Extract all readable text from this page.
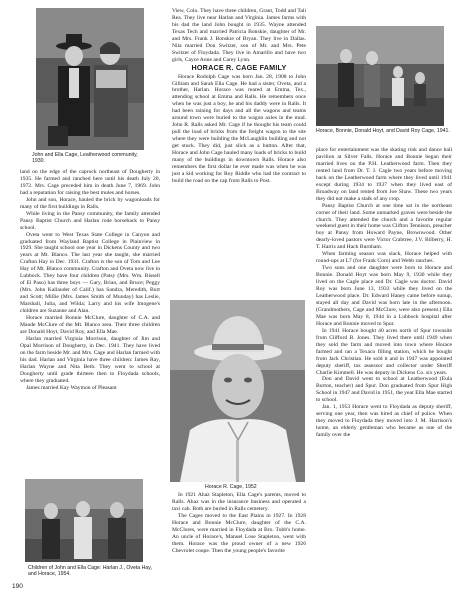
John and Ella Cage, Leatherwood community, 1930.

land on the edge of the caprock northeast of Dougherty in 1935. He farmed and ranched here until his death July 20, 1972. Mrs. Cage preceded him in death June 7, 1969. John had a reputation for raising the best mules and horses.

John and son, Horace, hauled the brick by wagonloads for many of the first buildings in Ralls.

While living in the Pansy community, the family attended Pansy Baptist Church and Harlan rode horseback to Pansy school.

Oveta went to West Texas State College in Canyon and graduated from Wayland Baptist College in Plainview in 1929. She taught school one year in Dickens County and two years at Mt. Blanco. The last year she taught, she married Crafton Hay in Dec. 1931. Crafton is the son of Tom and Lee Hay of Mt. Blanco community. Crafton and Oveta now live in Lubbock. They have four children (Patsy (Mrs. Wm. Bissell of El Paso) has three boys — Gary, Brian, and Bruce; Peggy (Mrs. John Kallauder of Calif.) has Sandra, Meredith, Burt and Scott; Millie (Mrs. James Smith of Munday) has Leslie, Marshall, Julia, and Wilda; Larry and his wife Imogene's children are Suzanne and Alan.

Horace married Bonnie McClure, daughter of C.A. and Maude McClure of the Mt. Blanco area. Their three children are Donald Hoyt, David Roy, and Ella Mae.

Harlan married Virginia Morrison, daughter of Jim and Opal Morrison of Dougherty, in Dec. 1941. They have lived on the farm beside Mr. and Mrs. Cage and Harlan farmed with his dad. Harlan and Virginia have three children: James Ray, Harlan Wayne and Nita Beth. They went to school at Dougherty until grade thirteen then to Floydada schools, where they graduated.

James married Kay Waymon of Pleasant

Children of John and Ella Cage: Harlan J., Oveta Hay, and Horace, 1954.
190

View, Colo. They have three children, Grant, Todd and Tali Rea. They live near Harlan and Virginia. James farms with his dad the land John bought in 1935. Wayne attended Texas Tech and married Patricia Bonskie, daughter of Mr. and Mrs. Frank J. Bonskie of Bryan. They live in Dallas. Nita married Don Switzer, son of Mr. and Mrs. Pete Switzer of Floydada. They live in Amarillo and have two girls, Cayce Anne and Carey Lynn.

HORACE R. CAGE FAMILY

Horace Rodolph Cage was born Jan. 28, 1908 to John Gilliam and Sarah Ella Cage. He had a sister, Oveta, and a brother, Harlan. Horace was reared at Emma, Tex., attending school at Emma and Ralls. He remembers once when he was just a boy, he and his daddy were in Ralls. It had been raining for days and all the wagons and teams around town were buried to the wagon axles in the mud. John R. Ralls asked Mr. Cage if he thought his team could pull the load of bricks from the freight wagon to the site where they were building the McLaughlin building and not get stuck. They did, just slick as a button. After that, Horace and John Cage hauled many loads of bricks to build many of the buildings in downtown Ralls. Horace also remembers the first dollar he ever made was when he was just a kid working for Roy Riddle who had the contract to build the road on the cap from Ralls to Post.

Horace R. Cage, 1952

In 1921 Ahaz Stapleton, Ella Cage's parents, moved to Ralls. Ahaz was in the insurance business and operated a taxi cab. Both are buried in Ralls cemetery.

The Cages moved to the East Plains in 1927. In 1928 Horace and Bonnie McClure, daughter of the C.A. McClures, were married in Floydada at Bro. Tubb's home. An uncle of Horace's, Manuel Lose Stapleton, went with them. Horace was the proud owner of a new 1926 Chevrolet coupe. Then the young people's favorite

Horace, Bonnie, Donald Hoyt, and David Roy Cage, 1941.

place for entertainment was the skating rink and dance hall pavilion at Silver Falls. Horace and Bonnie began their married lives on the P.H. Leatherwood farm. Then they rented land from Dr. T. J. Cagle two years before moving back on the Leatherwood farm where they lived until 1941 except during 1934 to 1937 when they lived east of Broadway on land rented from Joe Shaw. These two years they did not make a stalk of any crop.

Pansy Baptist Church at one time sat in the northeast corner of their land. Some unmarked graves were beside the church. They attended the church and a favorite regular weekend guest in their home was Clifton Tennison, preacher boy at Pansy from Howard Payne, Brownwood. Other dearly-loved pastors were Victor Crabtree, J.V. Bilberry, H. T. Harris and Hack Burnham.

When farming season was slack, Horace helped with round-ups at L7 (for Frank Corn) and Webb ranches.

Two sons and one daughter were born to Horace and Bonnie. Donald Hoyt was born May 9, 1930 while they lived on the Cagle place and Dr. Cagle was doctor. David Roy was born June 13, 1933 while they lived on the Leatherwood place. Dr. Edward Haney came before sunup, stayed all day and David was born late in the afternoon. (Grandmothers, Cage and McClure, were also present.) Ella Mae was born May 8, 1944 in a Lubbock hospital after Horace and Bonnie moved to Spur.

In 1941 Horace bought 40 acres north of Spur townsite from Clifford B. Jones. They lived there until 1949 when they sold the farm and moved into town where Horace farmed and ran a Texaco filling station, which he bought from Jack Christian. He sold it and in 1947 was appointed deputy sheriff, tax assessor and collector under Sheriff Charlie Kimmell. He was deputy in Dickens Co. six years.

Don and David went to school at Leatherwood (Eula Burton, teacher) and Spur. Don graduated from Spur High School in 1947 and David in 1951, the year Ella Mae started to school.

Jan. 1, 1953 Horace went to Floydada as deputy sheriff, serving one year, then was hired as chief of police. When they moved to Floydada they moved into J. M. Harrison's home, an elderly gentleman who became as one of the family over the
